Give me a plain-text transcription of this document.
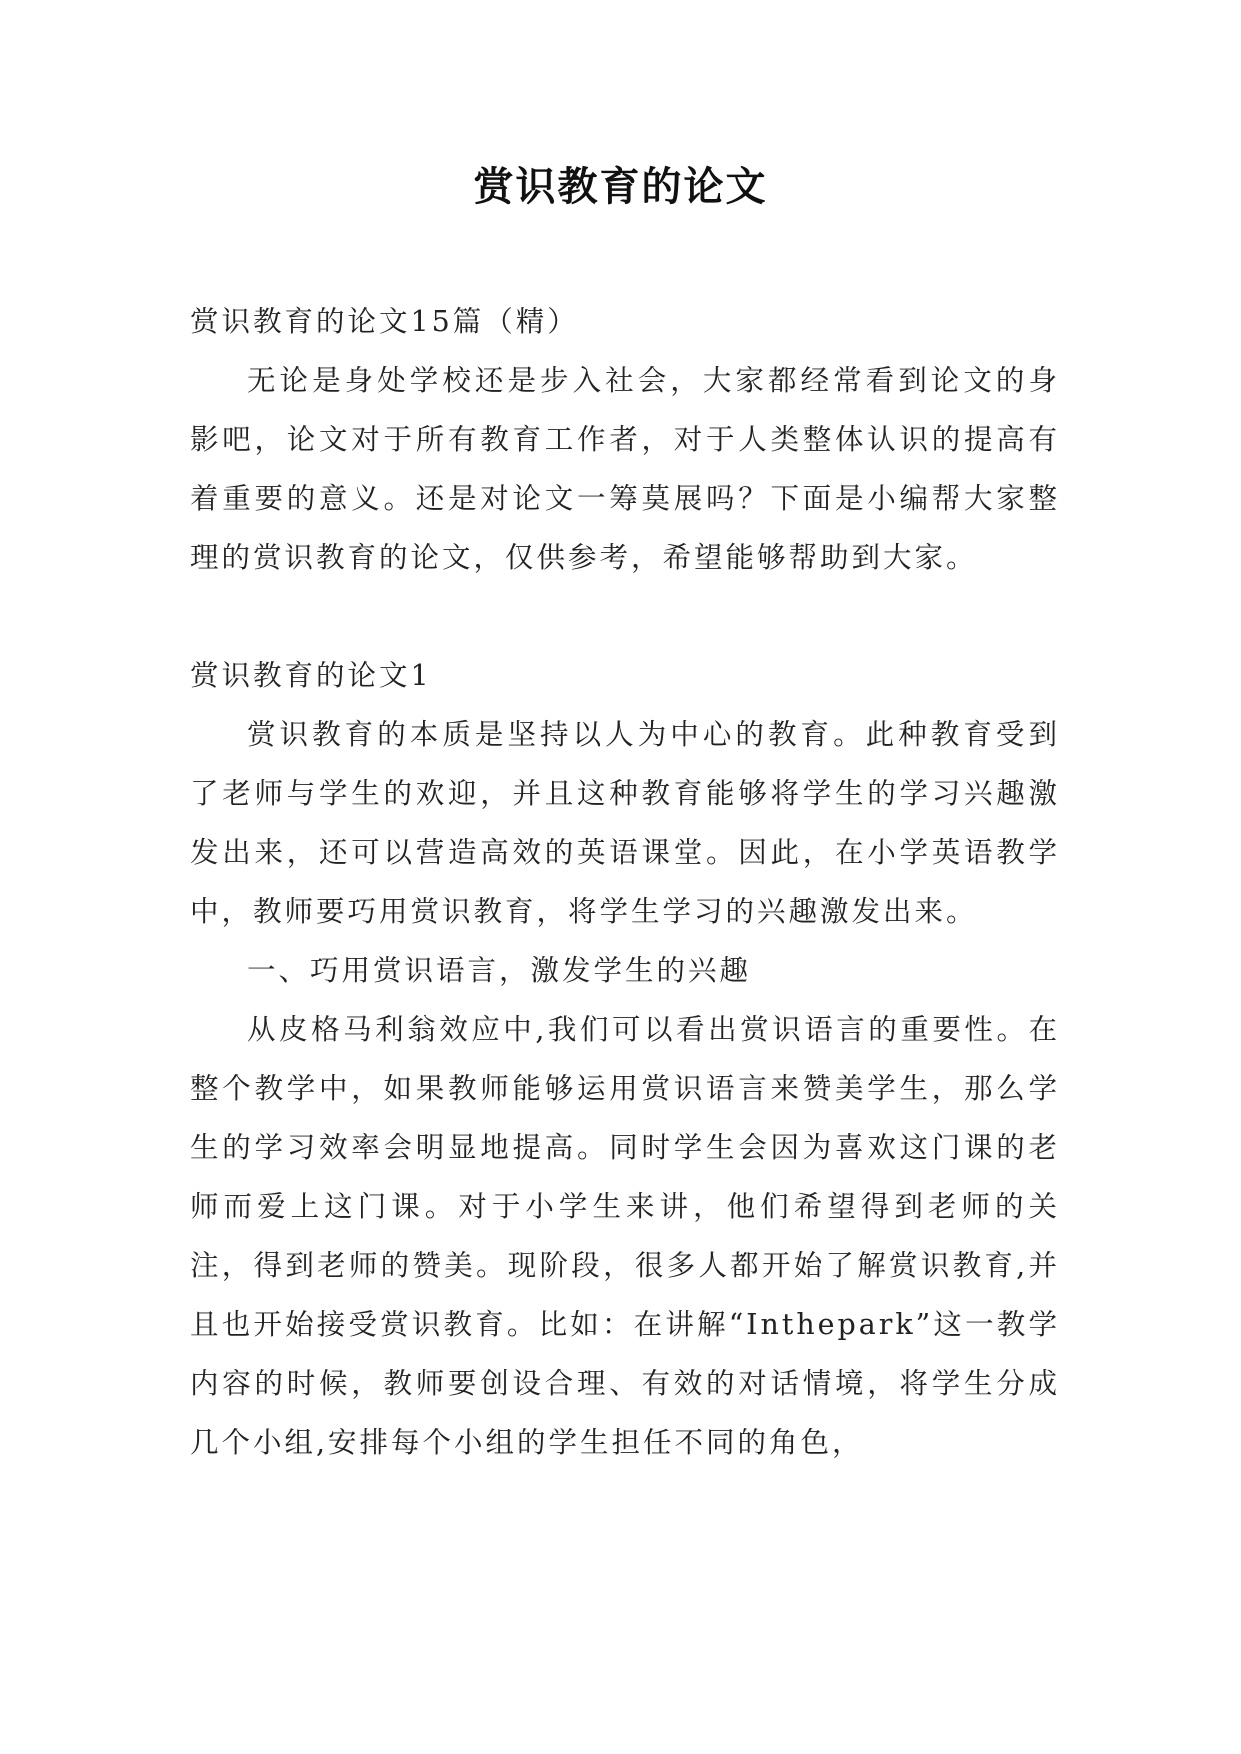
赏识教育的论文

赏识教育的论文15篇（精）

无论是身处学校还是步入社会，大家都经常看到论文的身影吧，论文对于所有教育工作者，对于人类整体认识的提高有着重要的意义。还是对论文一筹莫展吗？下面是小编帮大家整理的赏识教育的论文，仅供参考，希望能够帮助到大家。

赏识教育的论文1

赏识教育的本质是坚持以人为中心的教育。此种教育受到了老师与学生的欢迎，并且这种教育能够将学生的学习兴趣激发出来，还可以营造高效的英语课堂。因此，在小学英语教学中，教师要巧用赏识教育，将学生学习的兴趣激发出来。

一、巧用赏识语言，激发学生的兴趣

从皮格马利翁效应中,我们可以看出赏识语言的重要性。在整个教学中，如果教师能够运用赏识语言来赞美学生，那么学生的学习效率会明显地提高。同时学生会因为喜欢这门课的老师而爱上这门课。对于小学生来讲，他们希望得到老师的关注，得到老师的赞美。现阶段，很多人都开始了解赏识教育,并且也开始接受赏识教育。比如：在讲解“Inthepark”这一教学内容的时候，教师要创设合理、有效的对话情境，将学生分成几个小组,安排每个小组的学生担任不同的角色，
